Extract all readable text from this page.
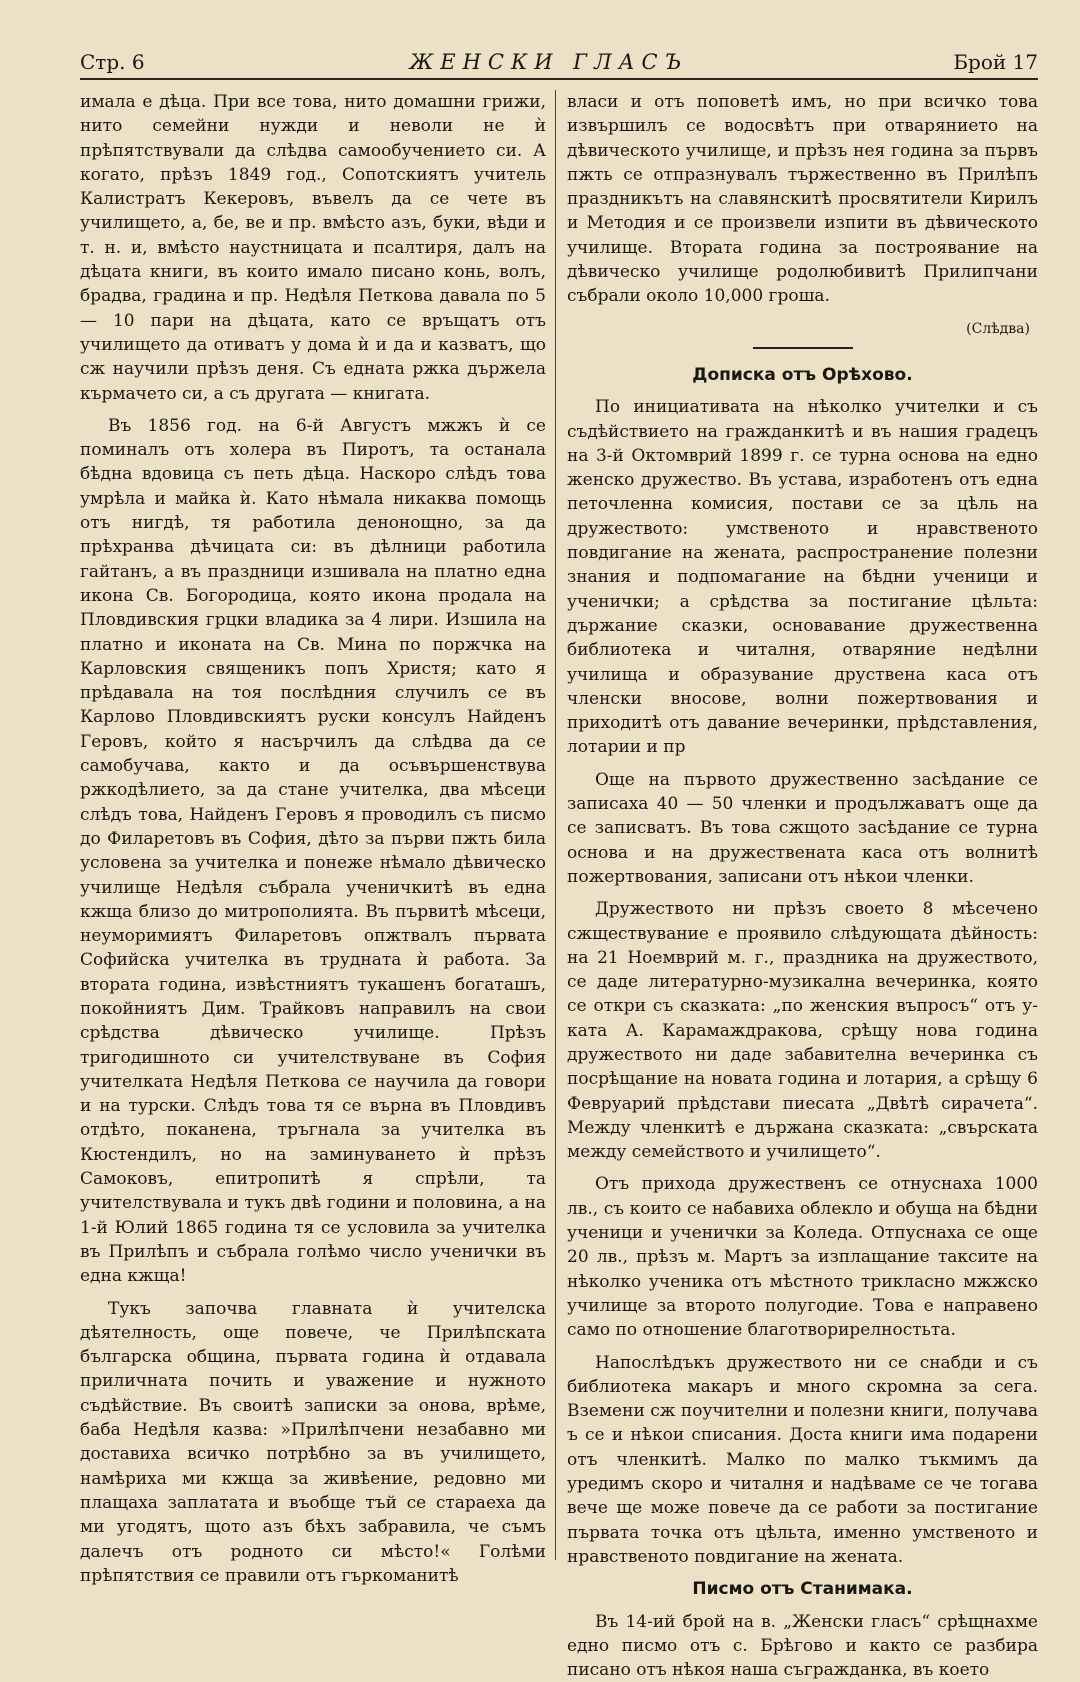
Стр. 6	ЖЕНСКИ ГЛАСЪ	Брой 17

имала е дѣца. При все това, нито домашни грижи, нито семейни нужди и неволи не ѝ прѣпятствували да слѣдва самообучението си. А когато, прѣзъ 1849 год., Сопотскиятъ учитель Калистратъ Кекеровъ, въвелъ да се чете въ училището, а, бе, ве и пр. вмѣсто азъ, буки, вѣди и т. н. и, вмѣсто наустницата и псалтиря, далъ на дѣцата книги, въ които имало писано конь, волъ, брадва, градина и пр. Недѣля Петкова давала по 5 — 10 пари на дѣцата, като се връщатъ отъ училището да отиватъ у дома ѝ и да и казватъ, що сж научили прѣзъ деня. Съ едната ржка държела кърмачето си, а съ другата — книгата.

Въ 1856 год. на 6-й Августъ мжжъ ѝ се поминалъ отъ холера въ Пиротъ, та останала бѣдна вдовица съ петь дѣца. Наскоро слѣдъ това умрѣла и майка ѝ. Като нѣмала никаква помощь отъ нигдѣ, тя работила денонощно, за да прѣхранва дѣчицата си: въ дѣлници работила гайтанъ, а въ праздници изшивала на платно една икона Св. Богородица, която икона продала на Пловдивския грцки владика за 4 лири. Изшила на платно и иконата на Св. Мина по поржчка на Карловския священикъ попъ Христя; като я прѣдавала на тоя послѣдния случилъ се въ Карлово Пловдивскиятъ руски консулъ Найденъ Геровъ, който я насърчилъ да слѣдва да се самобучава, както и да осъвършенствува ржкодѣлието, за да стане учителка, два мѣсеци слѣдъ това, Найденъ Геровъ я проводилъ съ писмо до Филаретовъ въ София, дѣто за първи пжть била условена за учителка и понеже нѣмало дѣвическо училище Недѣля събрала ученичкитѣ въ една кжща близо до митрополията. Въ първитѣ мѣсеци, неуморимиятъ Филаретовъ опжтвалъ първата Софийска учителка въ трудната ѝ работа. За втората година, извѣстниятъ тукашенъ богаташъ, покойниятъ Дим. Трайковъ направилъ на свои срѣдства дѣвическо училище. Прѣзъ тригодишното си учителствуване въ София учителката Недѣля Петкова се научила да говори и на турски. Слѣдъ това тя се върна въ Пловдивъ отдѣто, поканена, тръгнала за учителка въ Кюстендилъ, но на заминуването ѝ прѣзъ Самоковъ, епитропитѣ я спрѣли, та учителствувала и тукъ двѣ години и половина, а на 1-й Юлий 1865 година тя се условила за учителка въ Прилѣпъ и събрала голѣмо число ученички въ една кжща!

Тукъ започва главната ѝ учителска дѣятелность, още повече, че Прилѣпската българска община, първата година ѝ отдавала приличната почить и уважение и нужното съдѣйствие. Въ своитѣ записки за онова, врѣме, баба Недѣля казва: »Прилѣпчени незабавно ми доставиха всичко потрѣбно за въ училището, намѣриха ми кжща за живѣение, редовно ми плащаха заплатата и въобще тъй се стараеха да ми угодятъ, щото азъ бѣхъ забравила, че съмъ далечъ отъ родното си мѣсто!« Голѣми прѣпятствия се правили отъ гъркоманитѣ

власи и отъ поповетѣ имъ, но при всичко това извършилъ се водосвѣтъ при отварянието на дѣвическото училище, и прѣзъ нея година за първъ пжть се отпразнувалъ тържественно въ Прилѣпъ праздникътъ на славянскитѣ просвятители Кирилъ и Методия и се произвели изпити въ дѣвическото училище. Втората година за построявание на дѣвическо училище родолюбивитѣ Прилипчани събрали около 10,000 гроша.

(Слѣдва)
Дописка отъ Орѣхово.

По инициативата на нѣколко учителки и съ съдѣйствието на гражданкитѣ и въ нашия градецъ на 3-й Октомврий 1899 г. се турна основа на едно женско дружество. Въ устава, изработенъ отъ една петочленна комисия, постави се за цѣль на дружеството: умственото и нравственото повдигание на жената, распространение полезни знания и подпомагание на бѣдни ученици и ученички; а срѣдства за постигание цѣльта: държание сказки, основавание дружественна библиотека и читалня, отваряние недѣлни училища и образувание друствена каса отъ членски вносове, волни пожертвования и приходитѣ отъ давание вечеринки, прѣдставления, лотарии и пр

Още на първото дружественно засѣдание се записаха 40 — 50 членки и продължаватъ още да се записватъ. Въ това сжщото засѣдание се турна основа и на дружествената каса отъ волнитѣ пожертвования, записани отъ нѣкои членки.

Дружеството ни прѣзъ своето 8 мѣсечено сжществувание е проявило слѣдующата дѣйность: на 21 Ноемврий м. г., праздника на дружеството, се даде литературно-музикална вечеринка, която се откри съ сказката: „по женския въпросъ“ отъ у-ката А. Карамаждракова, срѣщу нова година дружеството ни даде забавителна вечеринка съ посрѣщание на новата година и лотария, а срѣщу 6 Февруарий прѣдстави пиесата „Двѣтѣ сирачета“. Между членкитѣ е държана сказката: „свърската между семейството и училището“.

Отъ прихода дружественъ се отнуснаха 1000 лв., съ които се набавиха облекло и обуща на бѣдни ученици и ученички за Коледа. Отпуснаха се още 20 лв., прѣзъ м. Мартъ за изплащание таксите на нѣколко ученика отъ мѣстното трикласно мжжско училище за второто полугодие. Това е направено само по отношение благотворирелностьта.

Напослѣдъкъ дружеството ни се снабди и съ библиотека макаръ и много скромна за сега. Вземени сж поучителни и полезни книги, получава ъ се и нѣкои списания. Доста книги има подарени отъ членкитѣ. Малко по малко тъкмимъ да уредимъ скоро и читалня и надѣваме се че тогава вече ще може повече да се работи за постигание първата точка отъ цѣльта, именно умственото и нравственото повдигание на жената.

Писмо отъ Станимака.

Въ 14-ий брой на в. „Женски гласъ“ срѣщнахме едно писмо отъ с. Брѣгово и както се разбира писано отъ нѣкоя наша съгражданка, въ което
